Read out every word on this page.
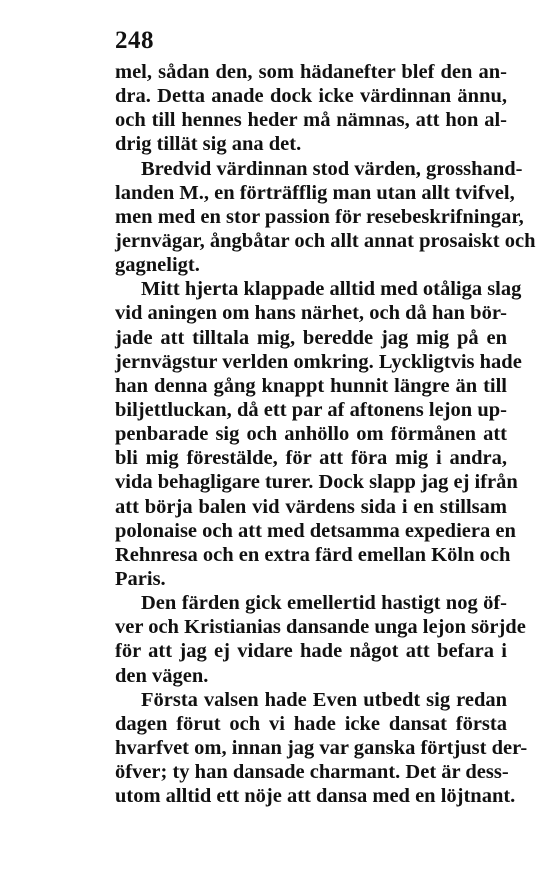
248
mel, sådan den, som hädanefter blef den an-
dra. Detta anade dock icke värdinnan ännu,
och till hennes heder må nämnas, att hon al-
drig tillät sig ana det.
Bredvid värdinnan stod värden, grosshand-
landen M., en förträfflig man utan allt tvifvel,
men med en stor passion för resebeskrifningar,
jernvägar, ångbåtar och allt annat prosaiskt och
gagneligt.
Mitt hjerta klappade alltid med otåliga slag
vid aningen om hans närhet, och då han bör-
jade att tilltala mig, beredde jag mig på en
jernvägstur verlden omkring. Lyckligtvis hade
han denna gång knappt hunnit längre än till
biljettluckan, då ett par af aftonens lejon up-
penbarade sig och anhöllo om förmånen att
bli mig förestälde, för att föra mig i andra,
vida behagligare turer. Dock slapp jag ej ifrån
att börja balen vid värdens sida i en stillsam
polonaise och att med detsamma expediera en
Rehnresa och en extra färd emellan Köln och
Paris.
Den färden gick emellertid hastigt nog öf-
ver och Kristianias dansande unga lejon sörjde
för att jag ej vidare hade något att befara i
den vägen.
Första valsen hade Even utbedt sig redan
dagen förut och vi hade icke dansat första
hvarfvet om, innan jag var ganska förtjust der-
öfver; ty han dansade charmant. Det är dess-
utom alltid ett nöje att dansa med en löjtnant.
